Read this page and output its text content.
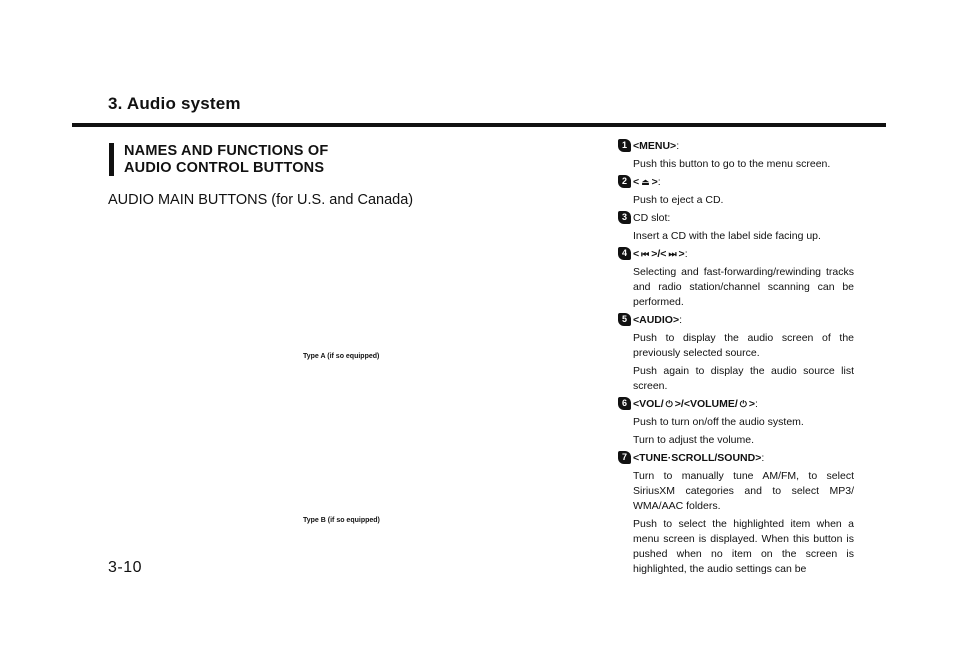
3. Audio system
NAMES AND FUNCTIONS OF
AUDIO CONTROL BUTTONS
AUDIO MAIN BUTTONS (for U.S. and Canada)
Type A (if so equipped)
Type B (if so equipped)
3-10
1 <MENU>:
Push this button to go to the menu screen.
2 < ⏏ >:
Push to eject a CD.
3 CD slot:
Insert a CD with the label side facing up.
4 < ⏮ >/< ⏭ >:
Selecting and fast-forwarding/rewinding tracks and radio station/channel scanning can be performed.
5 <AUDIO>:
Push to display the audio screen of the previously selected source.
Push again to display the audio source list screen.
6 <VOL/ ⏻ >/<VOLUME/ ⏻ >:
Push to turn on/off the audio system.
Turn to adjust the volume.
7 <TUNE·SCROLL/SOUND>:
Turn to manually tune AM/FM, to select SiriusXM categories and to select MP3/ WMA/AAC folders.
Push to select the highlighted item when a menu screen is displayed. When this button is pushed when no item on the screen is highlighted, the audio settings can be
